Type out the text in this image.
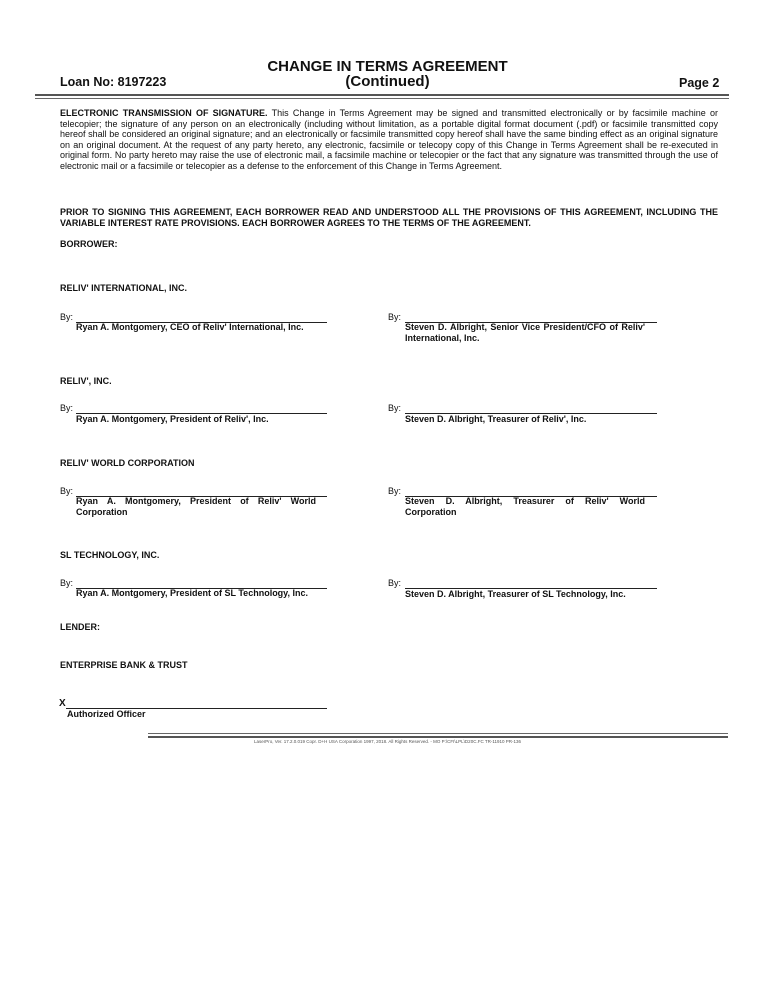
CHANGE IN TERMS AGREEMENT
(Continued)
Loan No: 8197223	Page 2
ELECTRONIC TRANSMISSION OF SIGNATURE. This Change in Terms Agreement may be signed and transmitted electronically or by facsimile machine or telecopier; the signature of any person on an electronically (including without limitation, as a portable digital format document (.pdf) or facsimile transmitted copy hereof shall be considered an original signature; and an electronically or facsimile transmitted copy hereof shall have the same binding effect as an original signature on an original document. At the request of any party hereto, any electronic, facsimile or telecopy copy of this Change in Terms Agreement shall be re-executed in original form. No party hereto may raise the use of electronic mail, a facsimile machine or telecopier or the fact that any signature was transmitted through the use of electronic mail or a facsimile or telecopier as a defense to the enforcement of this Change in Terms Agreement.
PRIOR TO SIGNING THIS AGREEMENT, EACH BORROWER READ AND UNDERSTOOD ALL THE PROVISIONS OF THIS AGREEMENT, INCLUDING THE VARIABLE INTEREST RATE PROVISIONS. EACH BORROWER AGREES TO THE TERMS OF THE AGREEMENT.
BORROWER:
RELIV' INTERNATIONAL, INC.
By:
Ryan A. Montgomery, CEO of Reliv' International, Inc.
By:
Steven D. Albright, Senior Vice President/CFO of Reliv' International, Inc.
RELIV', INC.
By:
Ryan A. Montgomery, President of Reliv', Inc.
By:
Steven D. Albright, Treasurer of Reliv', Inc.
RELIV' WORLD CORPORATION
By:
Ryan A. Montgomery, President of Reliv' World Corporation
By:
Steven D. Albright, Treasurer of Reliv' World Corporation
SL TECHNOLOGY, INC.
By:
Ryan A. Montgomery, President of SL Technology, Inc.
By:
Steven D. Albright, Treasurer of SL Technology, Inc.
LENDER:
ENTERPRISE BANK & TRUST
X
Authorized Officer
LaserPro, Ver. 17.2.0.019 Copr. D+H USA Corporation 1997, 2018. All Rights Reserved. - MO P:\CFI\LPL\D20C.FC TR-11910 PR-136
